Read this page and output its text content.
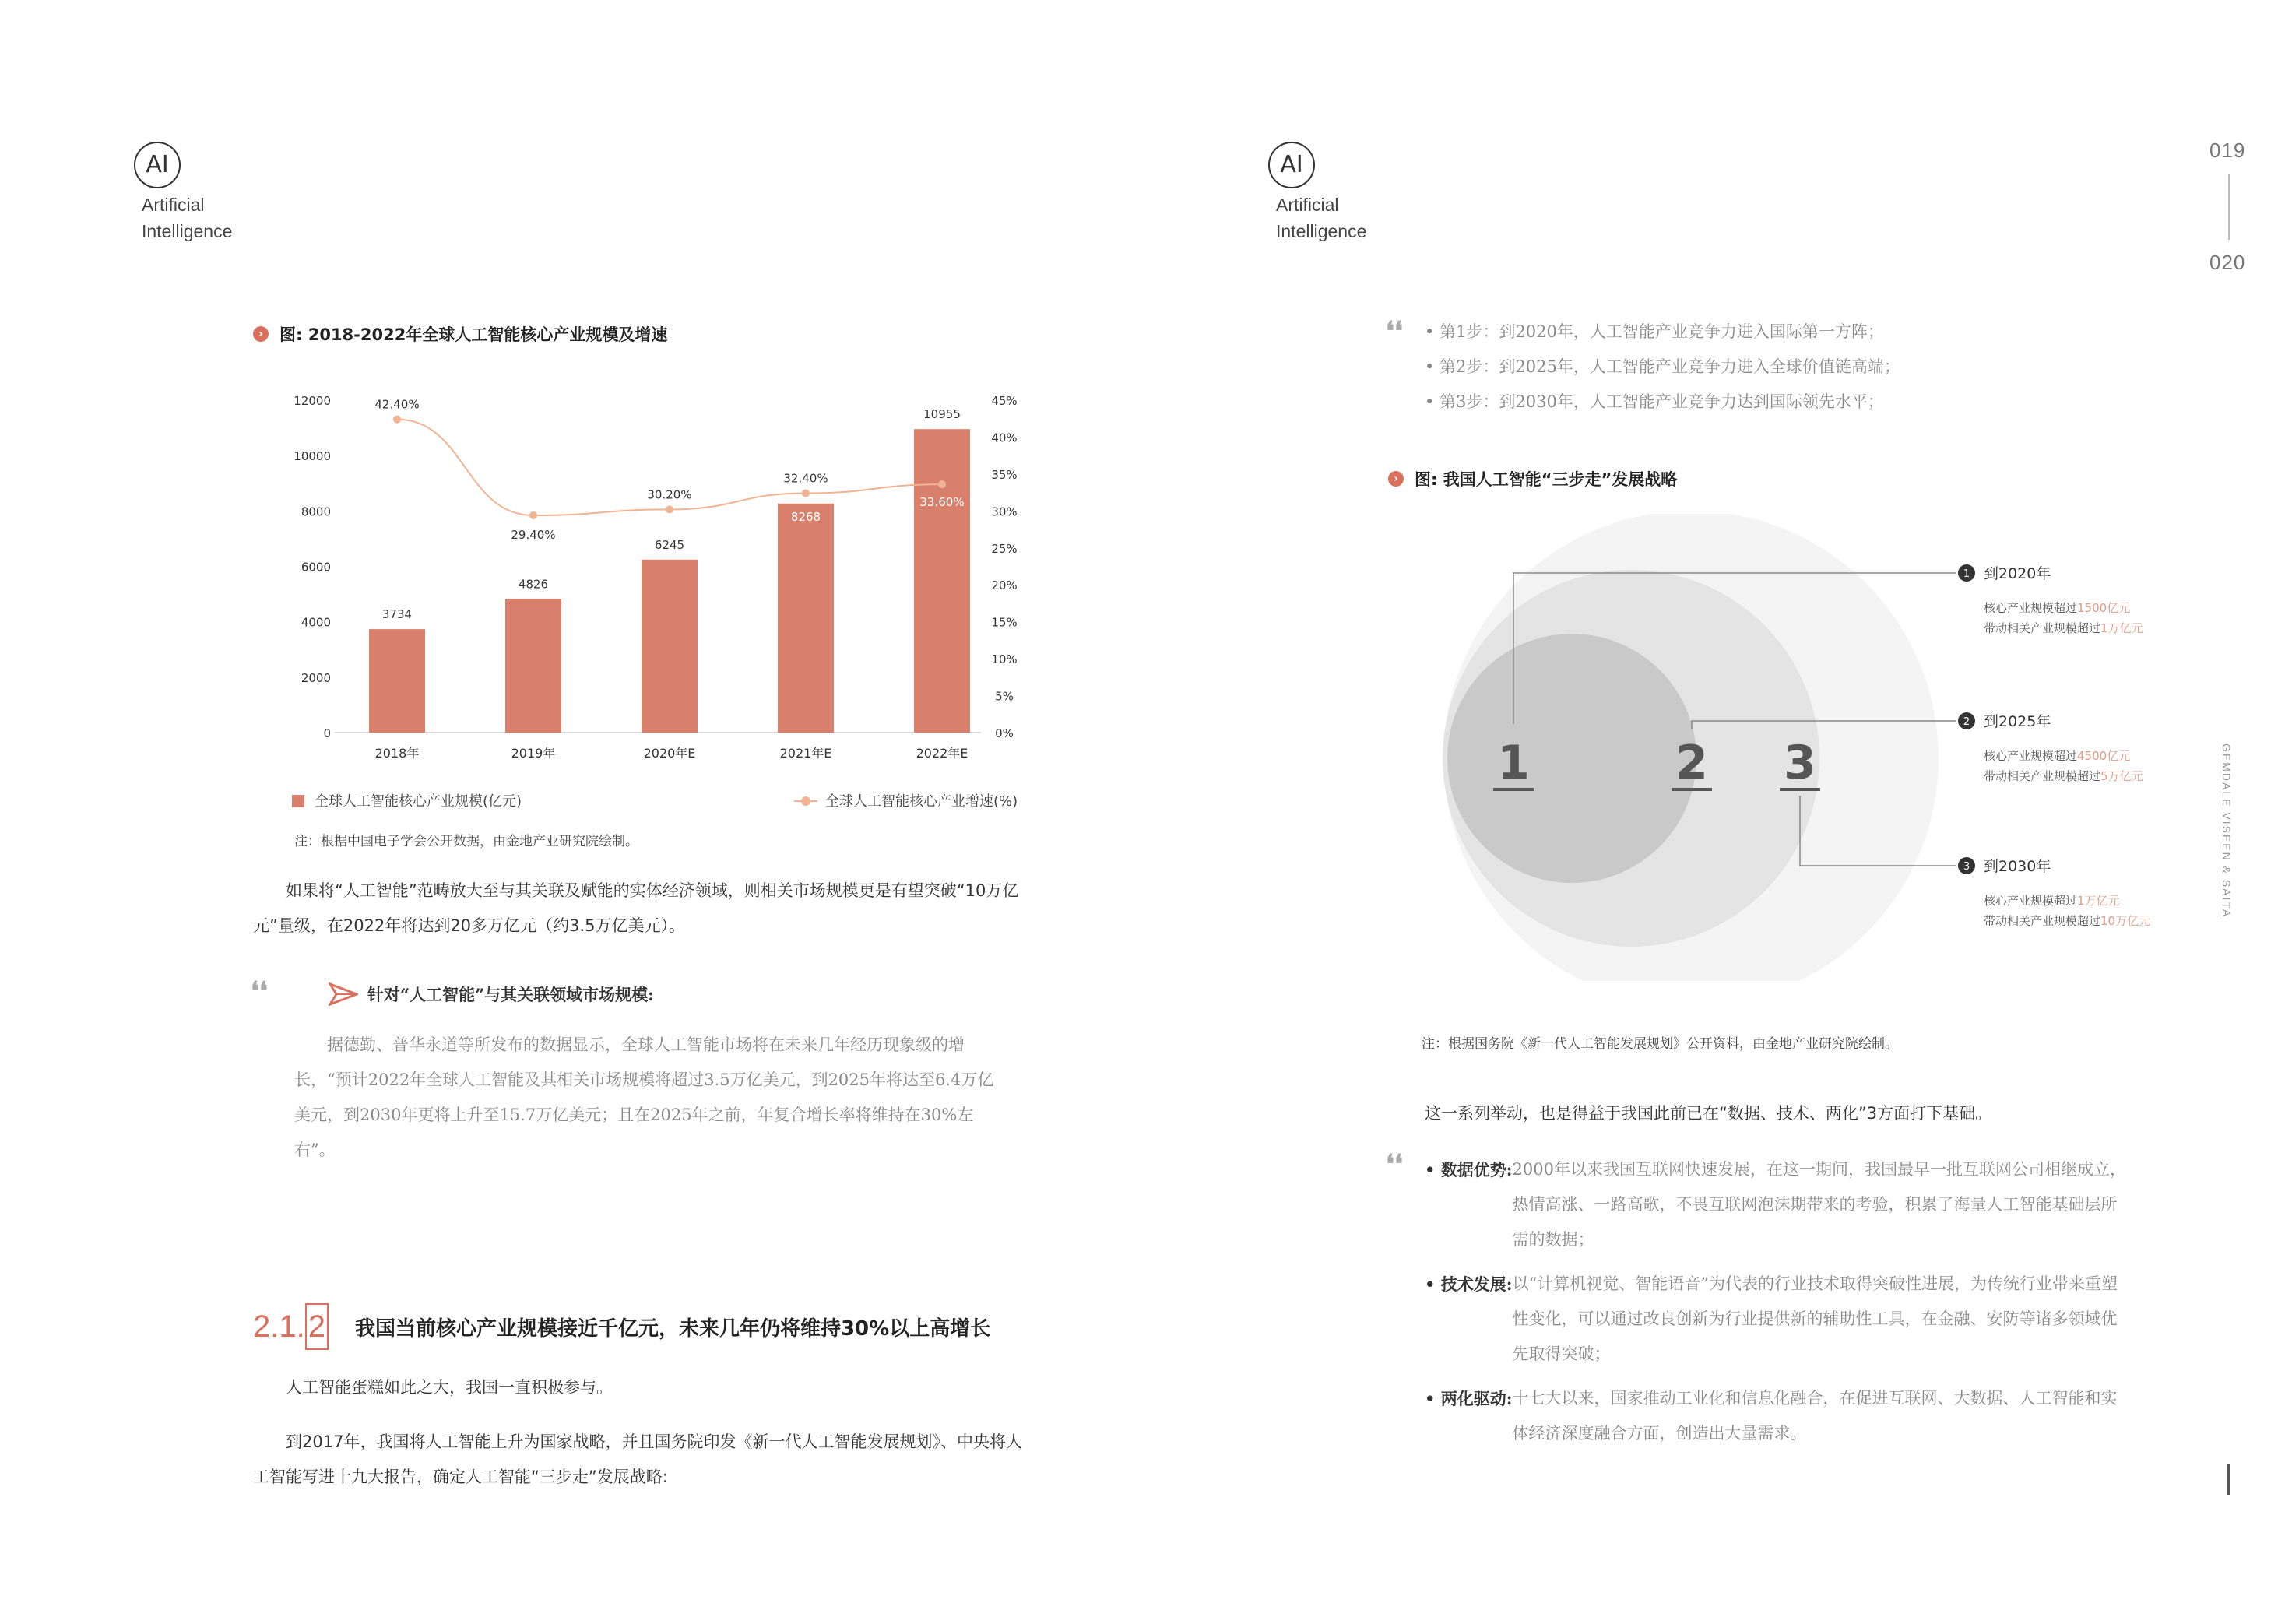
AI
Artificial
Intelligence
›	图: 2018-2022年全球人工智能核心产业规模及增速
0
2000
4000
6000
8000
10000
12000
0%
5%
10%
15%
20%
25%
30%
35%
40%
45%
3734
4826
6245
8268
10955
42.40%
29.40%
30.20%
32.40%
33.60%
2018年	2019年	2020年E	2021年E	2022年E
全球人工智能核心产业规模(亿元)	全球人工智能核心产业增速(%)
注：根据中国电子学会公开数据，由金地产业研究院绘制。
如果将“人工智能”范畴放大至与其关联及赋能的实体经济领域，则相关市场规模更是有望突破“10万亿元”量级，在2022年将达到20多万亿元（约3.5万亿美元）。
❛❛	针对“人工智能”与其关联领域市场规模:
据德勤、普华永道等所发布的数据显示，全球人工智能市场将在未来几年经历现象级的增长，“预计2022年全球人工智能及其相关市场规模将超过3.5万亿美元，到2025年将达至6.4万亿美元，到2030年更将上升至15.7万亿美元；且在2025年之前，年复合增长率将维持在30%左右”。
2.1. 2 我国当前核心产业规模接近千亿元，未来几年仍将维持30%以上高增长
人工智能蛋糕如此之大，我国一直积极参与。
到2017年，我国将人工智能上升为国家战略，并且国务院印发《新一代人工智能发展规划》、中央将人工智能写进十九大报告，确定人工智能“三步走”发展战略:
AI
Artificial
Intelligence
019
020
GEMDALE VISEEN & SAITA
❛❛ • 第1步：到2020年，人工智能产业竞争力进入国际第一方阵；
• 第2步：到2025年，人工智能产业竞争力进入全球价值链高端；
• 第3步：到2030年，人工智能产业竞争力达到国际领先水平；
›	图: 我国人工智能“三步走”发展战略
1	2 3
1 到2020年
核心产业规模超过1500亿元
带动相关产业规模超过1万亿元
2 到2025年
核心产业规模超过4500亿元
带动相关产业规模超过5万亿元
3 到2030年
核心产业规模超过1万亿元
带动相关产业规模超过10万亿元
注：根据国务院《新一代人工智能发展规划》公开资料，由金地产业研究院绘制。
这一系列举动，也是得益于我国此前已在“数据、技术、两化”3方面打下基础。
❛❛ • 数据优势: 2000年以来我国互联网快速发展，在这一期间，我国最早一批互联网公司相继成立，热情高涨、一路高歌，不畏互联网泡沫期带来的考验，积累了海量人工智能基础层所需的数据；
• 技术发展: 以“计算机视觉、智能语音”为代表的行业技术取得突破性进展，为传统行业带来重塑性变化，可以通过改良创新为行业提供新的辅助性工具，在金融、安防等诸多领域优先取得突破；
• 两化驱动: 十七大以来，国家推动工业化和信息化融合，在促进互联网、大数据、人工智能和实体经济深度融合方面，创造出大量需求。
